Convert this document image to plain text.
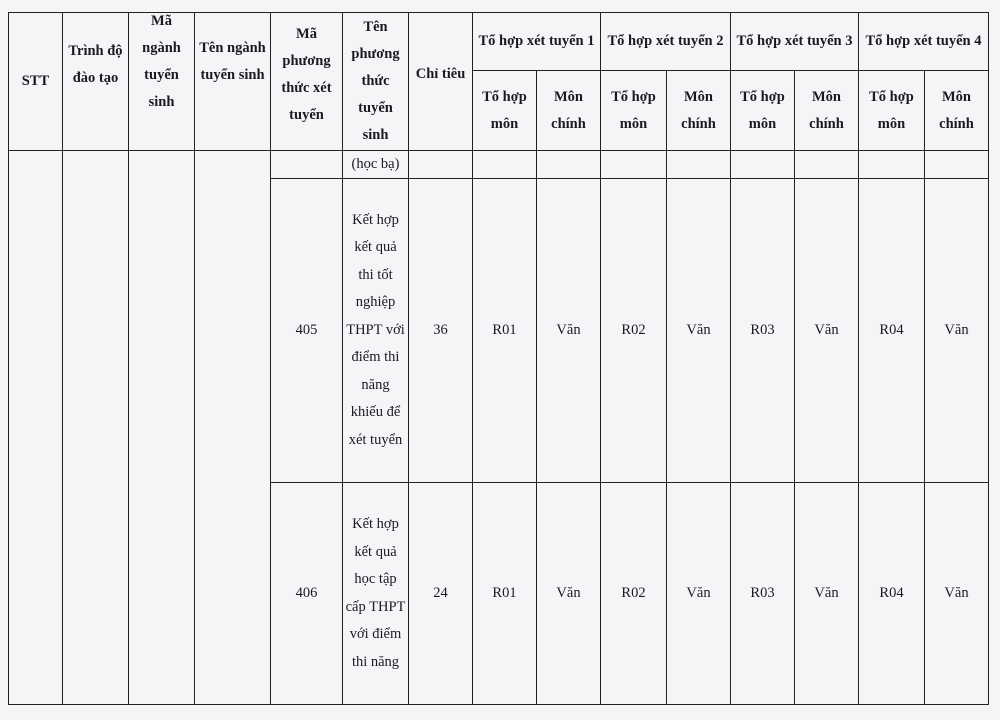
STT	Trình độ đào tạo	Mã ngành tuyển sinh	Tên ngành tuyển sinh	Mã phương thức xét tuyển	Tên phương thức tuyển sinh	Chỉ tiêu	Tổ hợp xét tuyển 1		Tổ hợp xét tuyển 2		Tổ hợp xét tuyển 3		Tổ hợp xét tuyển 4	
							Tổ hợp môn	Môn chính	Tổ hợp môn	Môn chính	Tổ hợp môn	Môn chính	Tổ hợp môn	Môn chính
					(học bạ)									
				405	Kết hợp kết quả thi tốt nghiệp THPT với điểm thi năng khiếu để xét tuyển	36	R01	Văn	R02	Văn	R03	Văn	R04	Văn
				406	Kết hợp kết quả học tập cấp THPT với điểm thi năng	24	R01	Văn	R02	Văn	R03	Văn	R04	Văn
